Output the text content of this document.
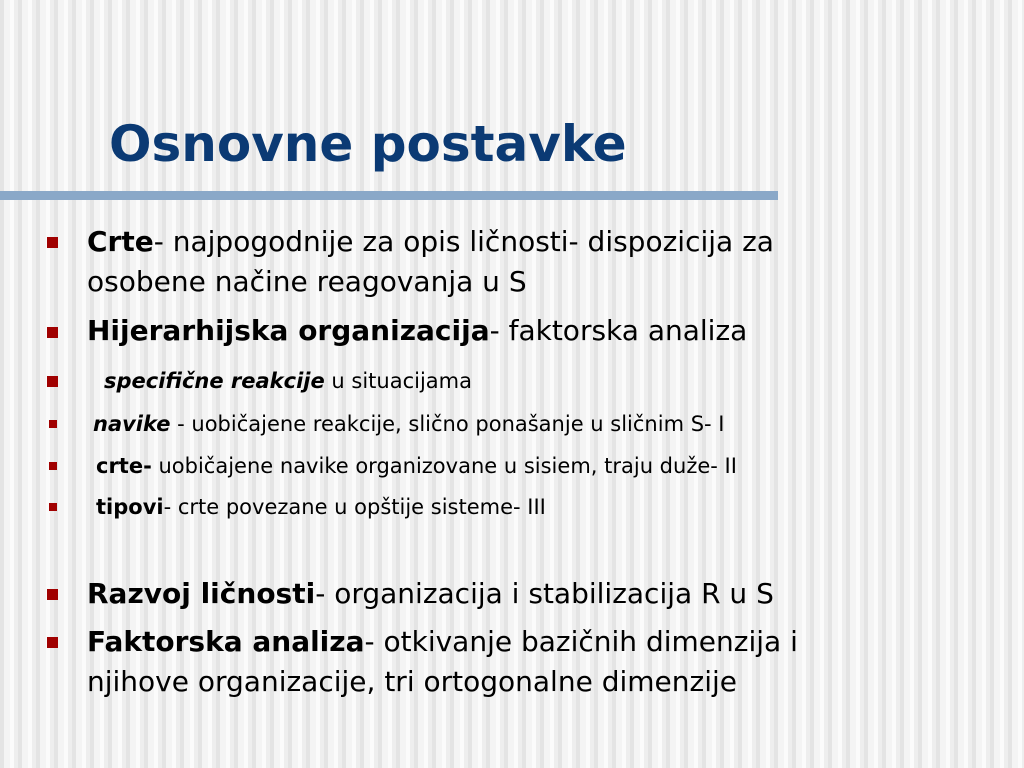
Osnovne postavke
Crte- najpogodnije za opis ličnosti- dispozicija za
osobene načine reagovanja u S
Hijerarhijska organizacija- faktorska analiza
specifične reakcije u situacijama
navike - uobičajene reakcije, slično ponašanje u sličnim S- I
crte- uobičajene navike organizovane u sisiem, traju duže- II
tipovi- crte povezane u opštije sisteme- III
Razvoj ličnosti- organizacija i stabilizacija R u S
Faktorska analiza- otkivanje bazičnih dimenzija i
njihove organizacije, tri ortogonalne dimenzije
